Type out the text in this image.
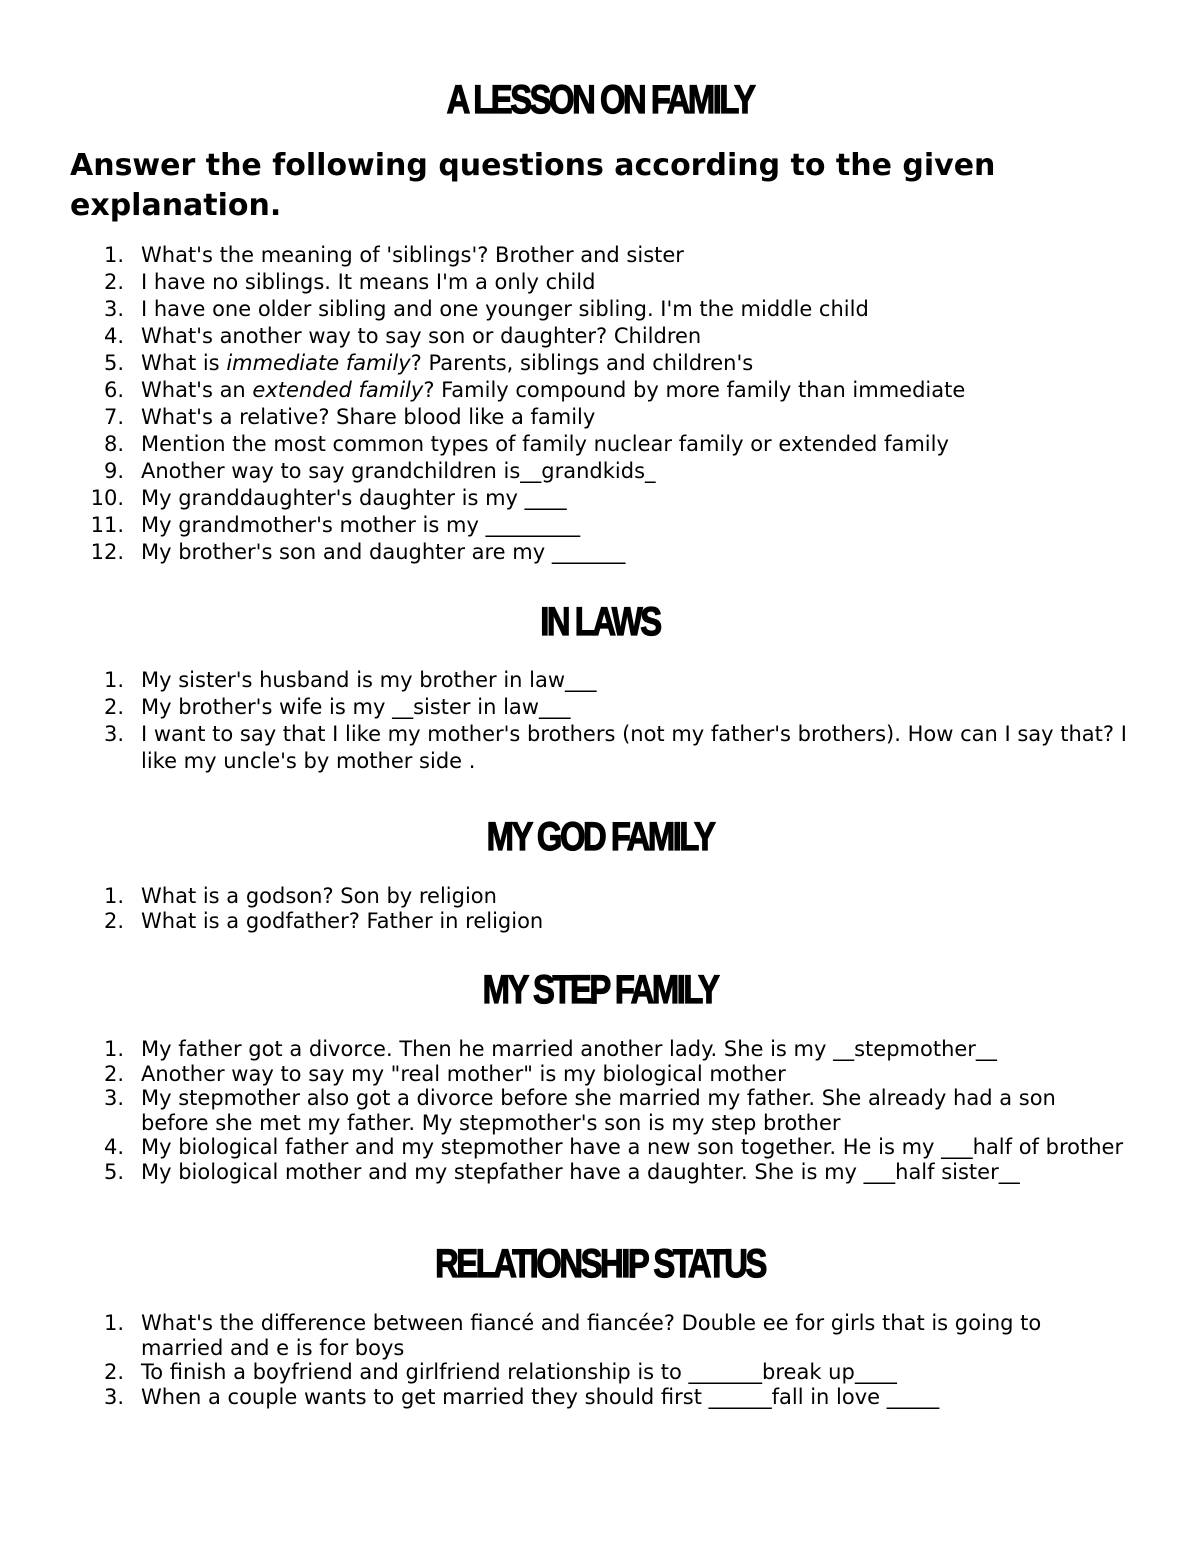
A LESSON ON FAMILY

Answer the following questions according to the given explanation.

1. What's the meaning of 'siblings'? Brother and sister
2. I have no siblings. It means I'm a only child
3. I have one older sibling and one younger sibling. I'm the middle child
4. What's another way to say son or daughter? Children
5. What is immediate family? Parents, siblings and children's
6. What's an extended family? Family compound by more family than immediate
7. What's a relative? Share blood like a family
8. Mention the most common types of family nuclear family or extended family
9. Another way to say grandchildren is__grandkids_
10. My granddaughter's daughter is my ____
11. My grandmother's mother is my _________
12. My brother's son and daughter are my _______
IN LAWS
1. My sister's husband is my brother in law___
2. My brother's wife is my __sister in law___
3. I want to say that I like my mother's brothers (not my father's brothers). How can I say that? I like my uncle's by mother side .
MY GOD FAMILY
1. What is a godson? Son by religion
2. What is a godfather? Father in religion
MY STEP FAMILY
1. My father got a divorce. Then he married another lady. She is my __stepmother__
2. Another way to say my "real mother" is my biological mother
3. My stepmother also got a divorce before she married my father. She already had a son before she met my father. My stepmother's son is my step brother
4. My biological father and my stepmother have a new son together. He is my ___half of brother
5. My biological mother and my stepfather have a daughter. She is my ___half sister__
RELATIONSHIP STATUS
1. What's the difference between fiancé and fiancée? Double ee for girls that is going to married and e is for boys
2. To finish a boyfriend and girlfriend relationship is to _______break up____
3. When a couple wants to get married they should first ______fall in love _____
